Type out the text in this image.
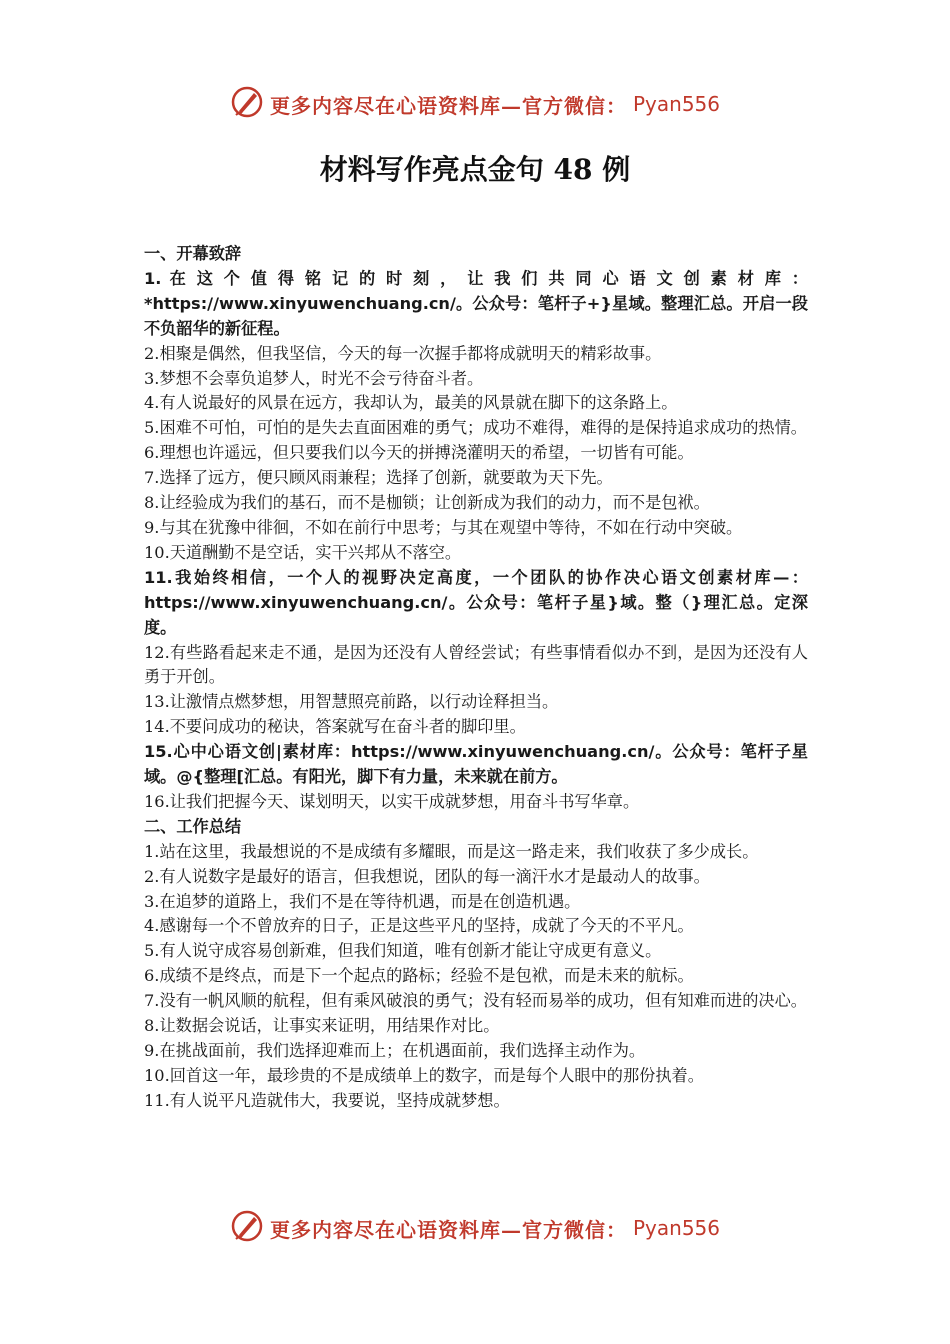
更多内容尽在心语资料库—官方微信： Pyan556
材料写作亮点金句 48 例
一、开幕致辞
1. 在 这 个 值 得 铭 记 的 时 刻 ， 让 我 们 共 同 心 语 文 创 素 材 库 ： *https://www.xinyuwenchuang.cn/。公众号：笔杆子+}星域。整理汇总。开启一段不负韶华的新征程。
2.相聚是偶然，但我坚信，今天的每一次握手都将成就明天的精彩故事。
3.梦想不会辜负追梦人，时光不会亏待奋斗者。
4.有人说最好的风景在远方，我却认为，最美的风景就在脚下的这条路上。
5.困难不可怕，可怕的是失去直面困难的勇气；成功不难得，难得的是保持追求成功的热情。
6.理想也许遥远，但只要我们以今天的拼搏浇灌明天的希望，一切皆有可能。
7.选择了远方，便只顾风雨兼程；选择了创新，就要敢为天下先。
8.让经验成为我们的基石，而不是枷锁；让创新成为我们的动力，而不是包袱。
9.与其在犹豫中徘徊，不如在前行中思考；与其在观望中等待，不如在行动中突破。
10.天道酬勤不是空话，实干兴邦从不落空。
11.我始终相信，一个人的视野决定高度，一个团队的协作决心语文创素材库—：https://www.xinyuwenchuang.cn/。公众号：笔杆子星}域。整（}理汇总。定深度。
12.有些路看起来走不通，是因为还没有人曾经尝试；有些事情看似办不到，是因为还没有人勇于开创。
13.让激情点燃梦想，用智慧照亮前路，以行动诠释担当。
14.不要问成功的秘诀，答案就写在奋斗者的脚印里。
15.心中心语文创|素材库：https://www.xinyuwenchuang.cn/。公众号：笔杆子星域。@{整理[汇总。有阳光，脚下有力量，未来就在前方。
16.让我们把握今天、谋划明天，以实干成就梦想，用奋斗书写华章。
二、工作总结
1.站在这里，我最想说的不是成绩有多耀眼，而是这一路走来，我们收获了多少成长。
2.有人说数字是最好的语言，但我想说，团队的每一滴汗水才是最动人的故事。
3.在追梦的道路上，我们不是在等待机遇，而是在创造机遇。
4.感谢每一个不曾放弃的日子，正是这些平凡的坚持，成就了今天的不平凡。
5.有人说守成容易创新难，但我们知道，唯有创新才能让守成更有意义。
6.成绩不是终点，而是下一个起点的路标；经验不是包袱，而是未来的航标。
7.没有一帆风顺的航程，但有乘风破浪的勇气；没有轻而易举的成功，但有知难而进的决心。
8.让数据会说话，让事实来证明，用结果作对比。
9.在挑战面前，我们选择迎难而上；在机遇面前，我们选择主动作为。
10.回首这一年，最珍贵的不是成绩单上的数字，而是每个人眼中的那份执着。
11.有人说平凡造就伟大，我要说，坚持成就梦想。
更多内容尽在心语资料库—官方微信： Pyan556
